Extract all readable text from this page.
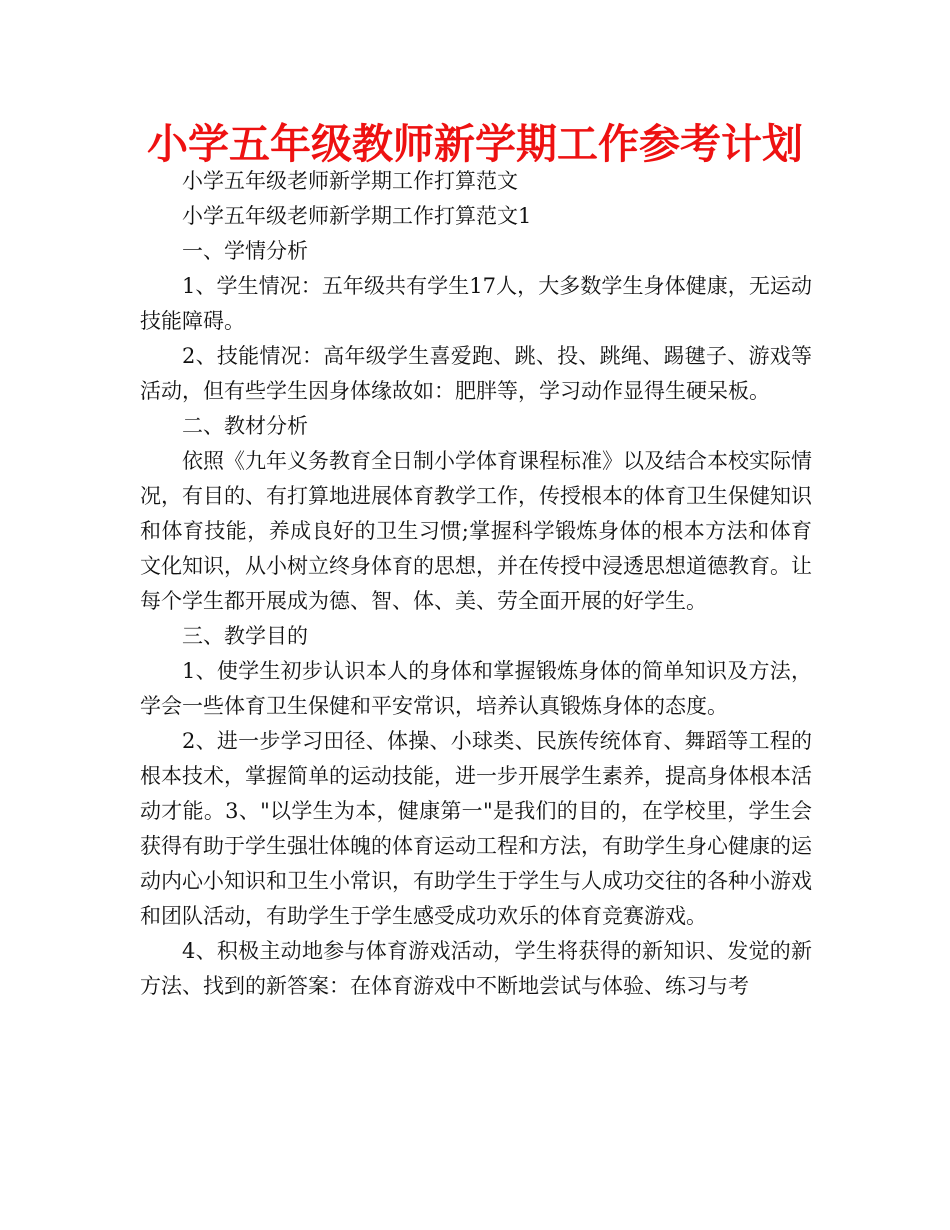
小学五年级教师新学期工作参考计划

小学五年级老师新学期工作打算范文

小学五年级老师新学期工作打算范文1

一、学情分析

1、学生情况：五年级共有学生17人，大多数学生身体健康，无运动技能障碍。

2、技能情况：高年级学生喜爱跑、跳、投、跳绳、踢毽子、游戏等活动，但有些学生因身体缘故如：肥胖等，学习动作显得生硬呆板。

二、教材分析

依照《九年义务教育全日制小学体育课程标准》以及结合本校实际情况，有目的、有打算地进展体育教学工作，传授根本的体育卫生保健知识和体育技能，养成良好的卫生习惯;掌握科学锻炼身体的根本方法和体育文化知识，从小树立终身体育的思想，并在传授中浸透思想道德教育。让每个学生都开展成为德、智、体、美、劳全面开展的好学生。

三、教学目的

1、使学生初步认识本人的身体和掌握锻炼身体的简单知识及方法，学会一些体育卫生保健和平安常识，培养认真锻炼身体的态度。

2、进一步学习田径、体操、小球类、民族传统体育、舞蹈等工程的根本技术，掌握简单的运动技能，进一步开展学生素养，提高身体根本活动才能。3、"以学生为本，健康第一"是我们的目的，在学校里，学生会获得有助于学生强壮体魄的体育运动工程和方法，有助学生身心健康的运动内心小知识和卫生小常识，有助学生于学生与人成功交往的各种小游戏和团队活动，有助学生于学生感受成功欢乐的体育竞赛游戏。

4、积极主动地参与体育游戏活动，学生将获得的新知识、发觉的新方法、找到的新答案：在体育游戏中不断地尝试与体验、练习与考
